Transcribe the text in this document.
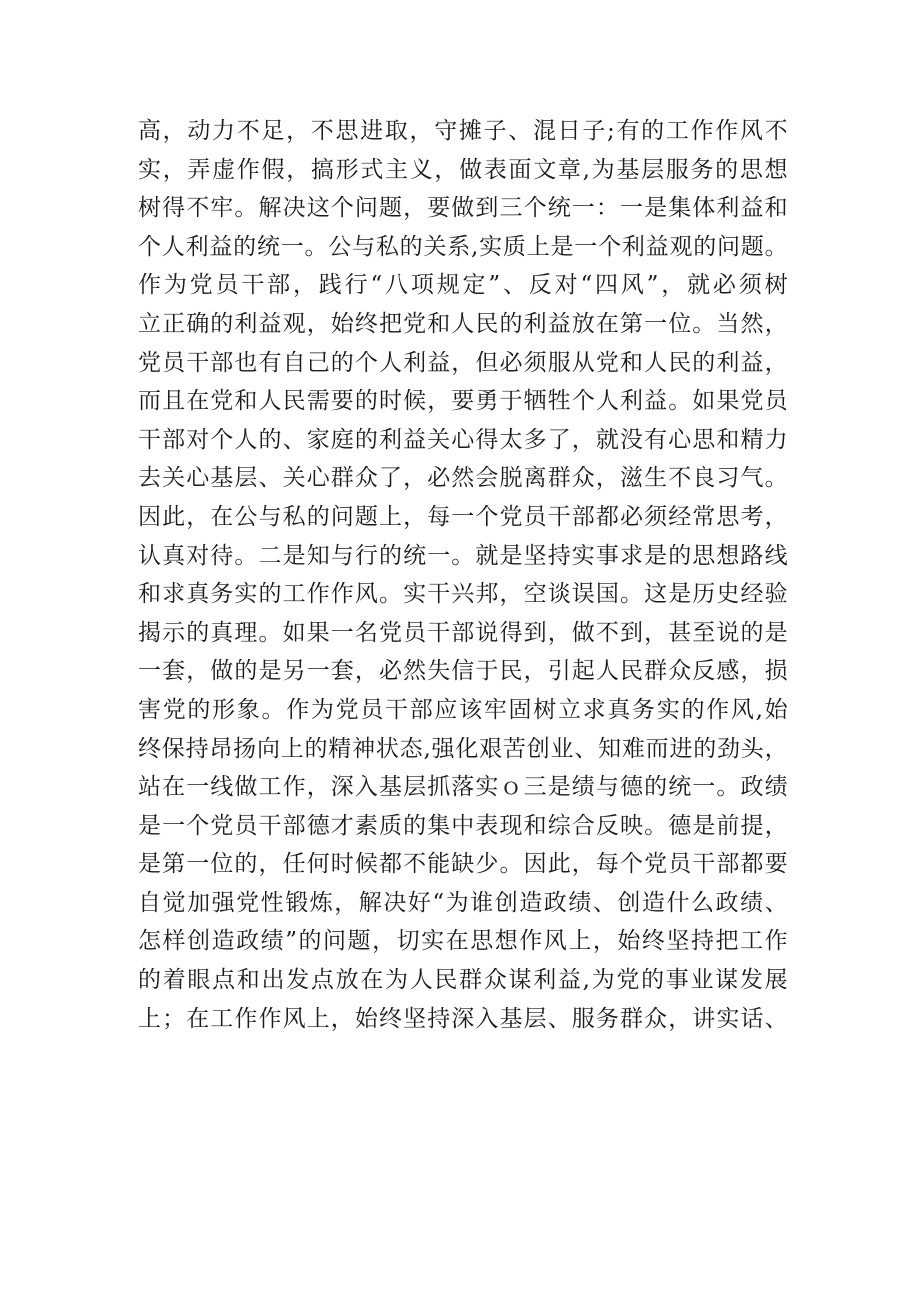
高，动力不足，不思进取，守摊子、混日子;有的工作作风不
实，弄虚作假，搞形式主义，做表面文章,为基层服务的思想
树得不牢。解决这个问题，要做到三个统一：一是集体利益和
个人利益的统一。公与私的关系,实质上是一个利益观的问题。
作为党员干部，践行“八项规定”、反对“四风”，就必须树
立正确的利益观，始终把党和人民的利益放在第一位。当然，
党员干部也有自己的个人利益，但必须服从党和人民的利益，
而且在党和人民需要的时候，要勇于牺牲个人利益。如果党员
干部对个人的、家庭的利益关心得太多了，就没有心思和精力
去关心基层、关心群众了，必然会脱离群众，滋生不良习气。
因此，在公与私的问题上，每一个党员干部都必须经常思考，
认真对待。二是知与行的统一。就是坚持实事求是的思想路线
和求真务实的工作作风。实干兴邦，空谈误国。这是历史经验
揭示的真理。如果一名党员干部说得到，做不到，甚至说的是
一套，做的是另一套，必然失信于民，引起人民群众反感，损
害党的形象。作为党员干部应该牢固树立求真务实的作风,始
终保持昂扬向上的精神状态,强化艰苦创业、知难而进的劲头，
站在一线做工作，深入基层抓落实ｏ三是绩与德的统一。政绩
是一个党员干部德才素质的集中表现和综合反映。德是前提，
是第一位的，任何时候都不能缺少。因此，每个党员干部都要
自觉加强党性锻炼，解决好“为谁创造政绩、创造什么政绩、
怎样创造政绩”的问题，切实在思想作风上，始终坚持把工作
的着眼点和出发点放在为人民群众谋利益,为党的事业谋发展
上；在工作作风上，始终坚持深入基层、服务群众，讲实话、
